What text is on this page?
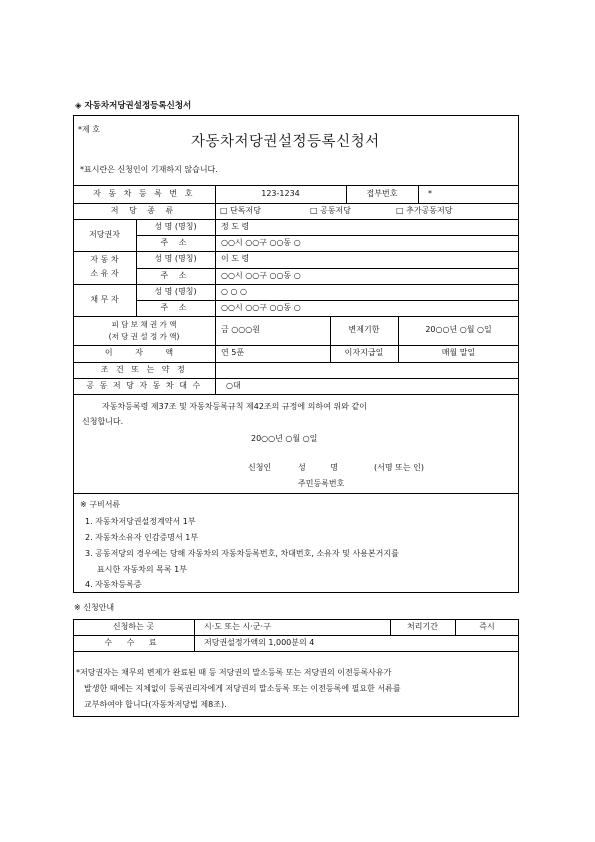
◈ 자동차저당권설정등록신청서
*제 호
자동차저당권설정등록신청서
*표시란은 신청인이 기재하지 않습니다.
자 동 차 등 록 번 호	123-1234	접부번호	*
저 당 종 류	□ 단독저당	□ 공동저당	□ 추가공동저당
저당권자
성 명 (명칭)	정 도 령
주 소	○○시 ○○구 ○○동 ○
자 동 차
소 유 자
성 명 (명칭)	이 도 령
주 소	○○시 ○○구 ○○동 ○
채 무 자
성 명 (명칭)	○ ○ ○
주 소	○○시 ○○구 ○○동 ○
피 담 보 채 권 가 액
(저 당 권 설 정 가 액)
금 ○○○원	변제기한	20○○년 ○월 ○일
이 자 액	연 5푼	이자지급일	매월 말일
조 건 또 는 약 정
공 동 저 당 자 동 차 대 수	○대
자동차등록령 제37조 및 자동차등록규칙 제42조의 규정에 의하여 위와 같이
신청합니다.
20○○년 ○월 ○일
신청인	성 명	(서명 또는 인)
주민등록번호
※ 구비서류
1. 자동차저당권설정계약서 1부
2. 자동차소유자 인감증명서 1부
3. 공동저당의 경우에는 당해 자동차의 자동차등록번호, 차대번호, 소유자 및 사용본거지를
표시한 자동차의 목록 1부
4. 자동차등록증
※ 신청안내
신청하는 곳	시·도 또는 시·군·구	처리기간	즉시
수 수 료	저당권설정가액의 1,000분의 4
*저당권자는 채무의 변제가 완료된 때 등 저당권의 말소등록 또는 저당권의 이전등록사유가
발생한 때에는 지체없이 등록권리자에게 저당권의 말소등록 또는 이전등록에 필요한 서류를
교부하여야 합니다(자동차저당법 제8조).
